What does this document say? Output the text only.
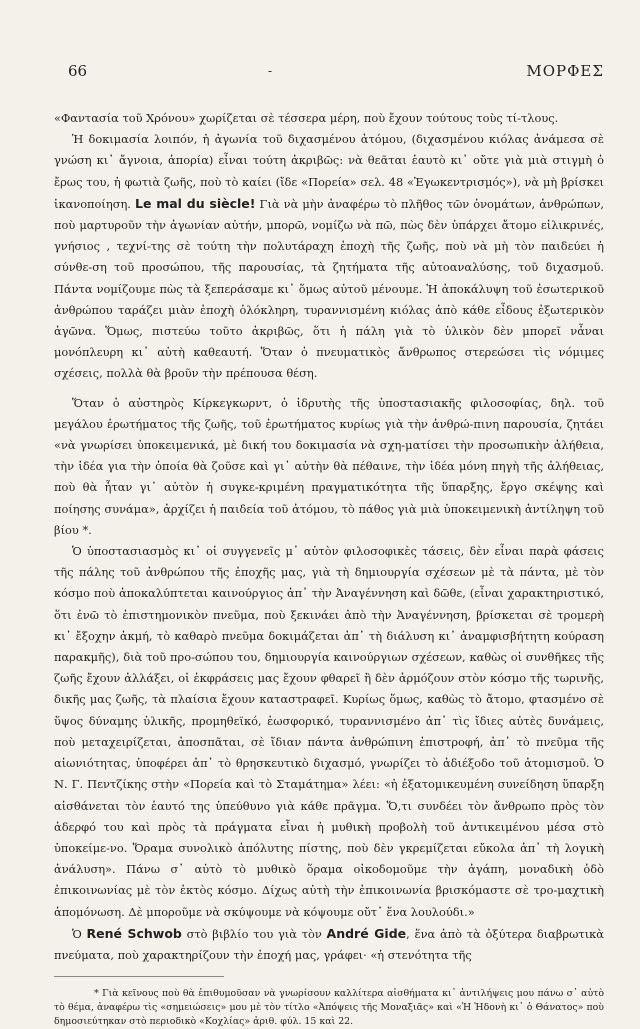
66	-	ΜΟΡΦΕΣ

«Φαντασία τοῦ Χρόνου» χωρίζεται σὲ τέσσερα μέρη, ποὺ ἔχουν τούτους τοὺς τί-τλους.

Ἡ δοκιμασία λοιπόν, ἡ ἀγωνία τοῦ διχασμένου ἀτόμου, (διχασμένου κιόλας ἀνάμεσα σὲ γνώση κι᾽ ἄγνοια, ἀπορία) εἶναι τούτη ἀκριβῶς: νὰ θεᾶται ἑαυτὸ κι᾽ οὔτε γιὰ μιὰ στιγμὴ ὁ ἔρως του, ἡ φωτιὰ ζωῆς, ποὺ τὸ καίει (ἴδε «Πορεία» σελ. 48 «Ἐγωκεντρισμός»), νὰ μὴ βρίσκει ἱκανοποίηση. Le mal du siècle! Γιὰ νὰ μὴν ἀναφέρω τὸ πλῆθος τῶν ὀνομάτων, ἀνθρώπων, ποὺ μαρτυροῦν τὴν ἀγωνίαν αὐτήν, μπορῶ, νομίζω νὰ πῶ, πὼς δὲν ὑπάρχει ἄτομο εἰλικρινές, γνήσιος , τεχνί-της σὲ τούτη τὴν πολυτάραχη ἐποχὴ τῆς ζωῆς, ποὺ νὰ μὴ τὸν παιδεύει ἡ σύνθε-ση τοῦ προσώπου, τῆς παρουσίας, τὰ ζητήματα τῆς αὐτοαναλύσης, τοῦ διχασμοῦ. Πάντα νομίζουμε πὼς τὰ ξεπεράσαμε κι᾽ ὅμως αὐτοῦ μένουμε. Ἡ ἀποκάλυψη τοῦ ἐσωτερικοῦ ἀνθρώπου ταράζει μιὰν ἐποχὴ ὁλόκληρη, τυραννισμένη κιόλας ἀπὸ κάθε εἶδους ἐξωτερικὸν ἀγῶνα. Ὅμως, πιστεύω τοῦτο ἀκριβῶς, ὅτι ἡ πάλη γιὰ τὸ ὑλικὸν δὲν μπορεῖ νἆναι μονόπλευρη κι᾽ αὐτὴ καθεαυτή. Ὅταν ὁ πνευματικὸς ἄνθρωπος στερεώσει τὶς νόμιμες σχέσεις, πολλὰ θὰ βροῦν τὴν πρέπουσα θέση.

Ὅταν ὁ αὐστηρὸς Κίρκεγκωρντ, ὁ ἱδρυτὴς τῆς ὑποστασιακῆς φιλοσοφίας, δηλ. τοῦ μεγάλου ἐρωτήματος τῆς ζωῆς, τοῦ ἐρωτήματος κυρίως γιὰ τὴν ἀνθρώ-πινη παρουσία, ζητάει «νὰ γνωρίσει ὑποκειμενικά, μὲ δική του δοκιμασία νὰ σχη-ματίσει τὴν προσωπικὴν ἀλήθεια, τὴν ἰδέα για τὴν ὁποία θὰ ζοῦσε καὶ γι᾽ αὐτὴν θὰ πέθαινε, τὴν ἰδέα μόνη πηγὴ τῆς ἀλήθειας, ποὺ θὰ ἦταν γι᾽ αὐτὸν ἡ συγκε-κριμένη πραγματικότητα τῆς ὕπαρξης, ἔργο σκέψης καὶ ποίησης συνάμα», ἀρχίζει ἡ παιδεία τοῦ ἀτόμου, τὸ πάθος γιὰ μιὰ ὑποκειμενικὴ ἀντίληψη τοῦ βίου *.

Ὁ ὑποστασιασμὸς κι᾽ οἱ συγγενεῖς μ᾽ αὐτὸν φιλοσοφικὲς τάσεις, δὲν εἶναι παρὰ φάσεις τῆς πάλης τοῦ ἀνθρώπου τῆς ἐποχῆς μας, γιὰ τὴ δημιουργία σχέσεων μὲ τὰ πάντα, μὲ τὸν κόσμο ποὺ ἀποκαλύπτεται καινούργιος ἀπ᾽ τὴν Ἀναγέννηση καὶ δῶθε, (εἶναι χαρακτηριστικό, ὅτι ἐνῶ τὸ ἐπιστημονικὸν πνεῦμα, ποὺ ξεκινάει ἀπὸ τὴν Ἀναγέννηση, βρίσκεται σὲ τρομερὴ κι᾽ ἔξοχην ἀκμή, τὸ καθαρὸ πνεῦμα δοκιμάζεται ἀπ᾽ τὴ διάλυση κι᾽ ἀναμφισβήτητη κούραση παρακμῆς), διὰ τοῦ προ-σώπου του, δημιουργία καινούργιων σχέσεων, καθὼς οἱ συνθῆκες τῆς ζωῆς ἔχουν ἀλλάξει, οἱ ἐκφράσεις μας ἔχουν φθαρεῖ ἢ δὲν ἁρμόζουν στὸν κόσμο τῆς τωρινῆς, δικῆς μας ζωῆς, τὰ πλαίσια ἔχουν καταστραφεῖ. Κυρίως ὅμως, καθὼς τὸ ἄτομο, φτασμένο σὲ ὕψος δύναμης ὑλικῆς, προμηθεϊκό, ἑωσφορικό, τυραννισμένο ἀπ᾽ τὶς ἴδιες αὐτὲς δυνάμεις, ποὺ μεταχειρίζεται, ἀποσπᾶται, σὲ ἴδιαν πάντα ἀνθρώπινη ἐπιστροφή, ἀπ᾽ τὸ πνεῦμα τῆς αἰωνιότητας, ὑποφέρει ἀπ᾽ τὸ θρησκευτικὸ διχασμό, γνωρίζει τὸ ἀδιέξοδο τοῦ ἀτομισμοῦ. Ὁ Ν. Γ. Πεντζίκης στὴν «Πορεία καὶ τὸ Σταμάτημα» λέει: «ἡ ἐξατομικευμένη συνείδηση ὕπαρξη αἰσθάνεται τὸν ἑαυτό της ὑπεύθυνο γιὰ κάθε πρᾶγμα. Ὅ,τι συνδέει τὸν ἄνθρωπο πρὸς τὸν ἀδερφό του καὶ πρὸς τὰ πράγματα εἶναι ἡ μυθικὴ προβολὴ τοῦ ἀντικειμένου μέσα στὸ ὑποκείμε-νο. Ὅραμα συνολικὸ ἀπόλυτης πίστης, ποὺ δὲν γκρεμίζεται εὔκολα ἀπ᾽ τὴ λογικὴ ἀνάλυση». Πάνω σ᾽ αὐτὸ τὸ μυθικὸ ὅραμα οἰκοδομοῦμε τὴν ἀγάπη, μοναδικὴ ὁδὸ ἐπικοινωνίας μὲ τὸν ἐκτὸς κόσμο. Δίχως αὐτὴ τὴν ἐπικοινωνία βρισκόμαστε σὲ τρο-μαχτικὴ ἀπομόνωση. Δὲ μποροῦμε νὰ σκύψουμε νὰ κόψουμε οὔτ᾽ ἕνα λουλούδι.»

Ὁ René Schwob στὸ βιβλίο του γιὰ τὸν André Gide, ἕνα ἀπὸ τὰ ὀξύτερα διαβρωτικὰ πνεύματα, ποὺ χαρακτηρίζουν τὴν ἐποχή μας, γράφει· «ἡ στενότητα τῆς

* Γιὰ κεῖνους ποὺ θὰ ἐπιθυμοῦσαν νὰ γνωρίσουν καλλίτερα αἰσθήματα κι᾽ ἀντιλήψεις μου πάνω σ᾽ αὐτὸ τὸ θέμα, ἀναφέρω τὶς «σημειώσεις» μου μὲ τὸν τίτλο «Ἀπόψεις τῆς Μοναξιᾶς» καὶ «Ἡ Ἡδονὴ κι᾽ ὁ Θάνατος» ποὺ δημοσιεύτηκαν στὸ περιοδικὸ «Κοχλίας» ἀριθ. φύλ. 15 καὶ 22.
